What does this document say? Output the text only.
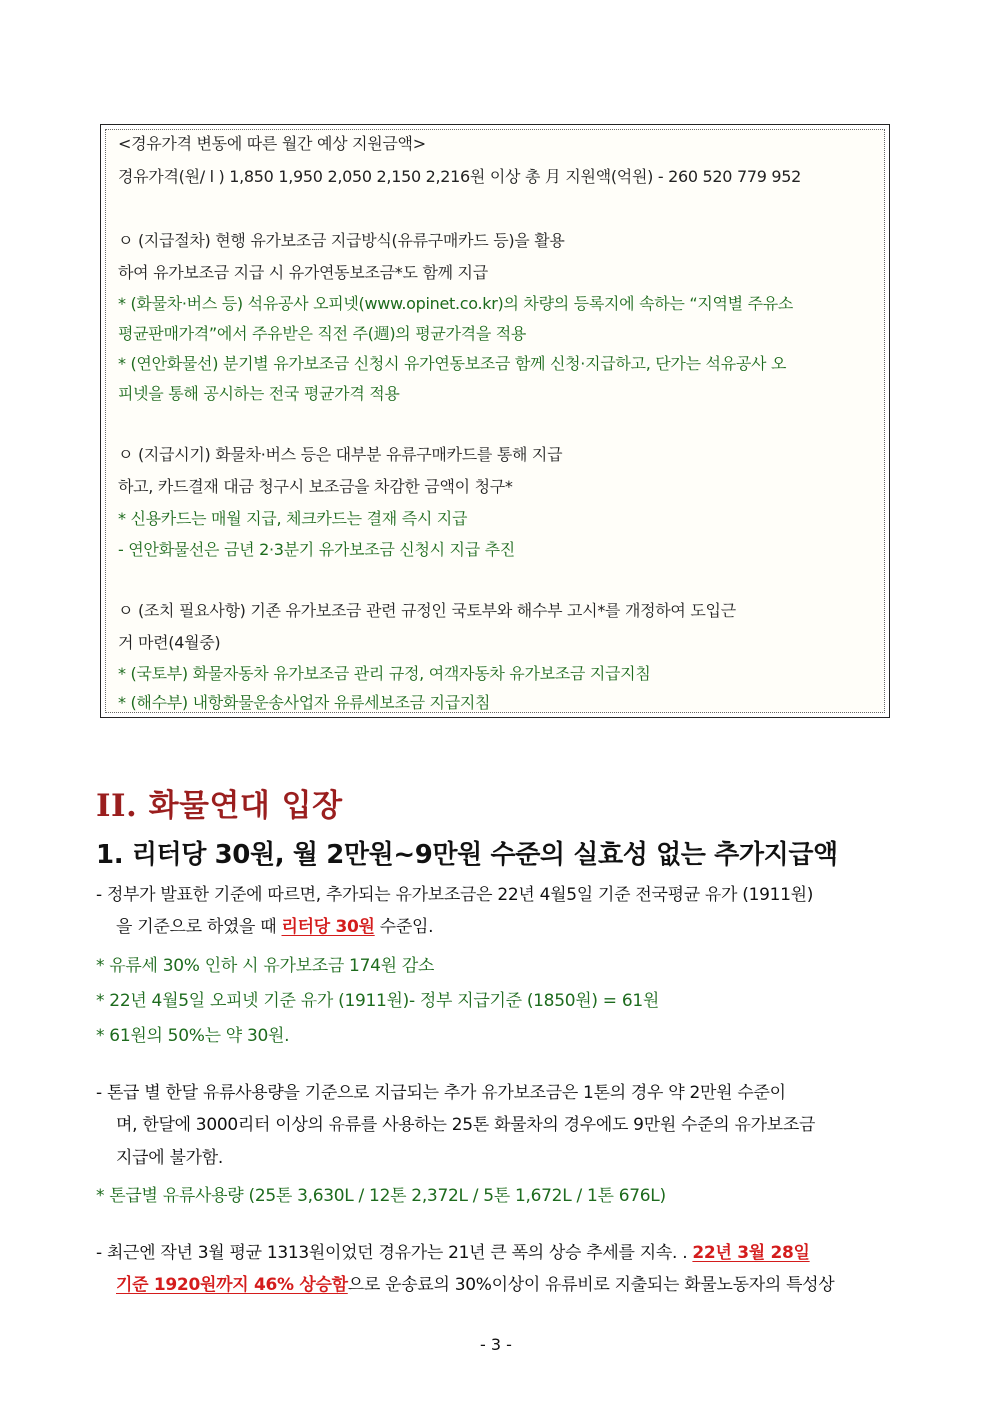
<경유가격 변동에 따른 월간 예상 지원금액>
경유가격(원/ l ) 1,850 1,950 2,050 2,150 2,216원 이상 총 月 지원액(억원) - 260 520 779 952
ㅇ (지급절차) 현행 유가보조금 지급방식(유류구매카드 등)을 활용
하여 유가보조금 지급 시 유가연동보조금*도 함께 지급
* (화물차·버스 등) 석유공사 오피넷(www.opinet.co.kr)의 차량의 등록지에 속하는 “지역별 주유소
평균판매가격”에서 주유받은 직전 주(週)의 평균가격을 적용
* (연안화물선) 분기별 유가보조금 신청시 유가연동보조금 함께 신청·지급하고, 단가는 석유공사 오
피넷을 통해 공시하는 전국 평균가격 적용
ㅇ (지급시기) 화물차·버스 등은 대부분 유류구매카드를 통해 지급
하고, 카드결재 대금 청구시 보조금을 차감한 금액이 청구*
* 신용카드는 매월 지급, 체크카드는 결재 즉시 지급
- 연안화물선은 금년 2·3분기 유가보조금 신청시 지급 추진
ㅇ (조치 필요사항) 기존 유가보조금 관련 규정인 국토부와 해수부 고시*를 개정하여 도입근
거 마련(4월중)
* (국토부) 화물자동차 유가보조금 관리 규정, 여객자동차 유가보조금 지급지침
* (해수부) 내항화물운송사업자 유류세보조금 지급지침
II. 화물연대 입장
1. 리터당 30원, 월 2만원~9만원 수준의 실효성 없는 추가지급액
- 정부가 발표한 기준에 따르면, 추가되는 유가보조금은 22년 4월5일 기준 전국평균 유가 (1911원)
을 기준으로 하였을 때 리터당 30원 수준임.
* 유류세 30% 인하 시 유가보조금 174원 감소
* 22년 4월5일 오피넷 기준 유가 (1911원)- 정부 지급기준 (1850원) = 61원
* 61원의 50%는 약 30원.
- 톤급 별 한달 유류사용량을 기준으로 지급되는 추가 유가보조금은 1톤의 경우 약 2만원 수준이
며, 한달에 3000리터 이상의 유류를 사용하는 25톤 화물차의 경우에도 9만원 수준의 유가보조금
지급에 불가함.
* 톤급별 유류사용량 (25톤 3,630L / 12톤 2,372L / 5톤 1,672L / 1톤 676L)
- 최근엔 작년 3월 평균 1313원이었던 경유가는 21년 큰 폭의 상승 추세를 지속. . 22년 3월 28일
기준 1920원까지 46% 상승함으로 운송료의 30%이상이 유류비로 지출되는 화물노동자의 특성상
- 3 -
